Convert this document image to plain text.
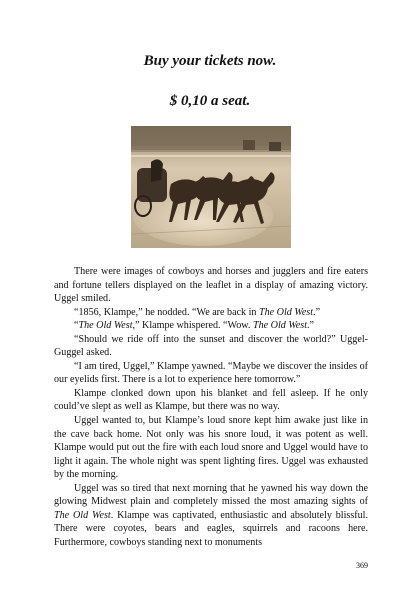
Buy your tickets now.
$ 0,10 a seat.

There were images of cowboys and horses and jugglers and fire eaters and fortune tellers displayed on the leaflet in a display of amazing victory. Uggel smiled.

“1856, Klampe,” he nodded. “We are back in The Old West.”

“The Old West,” Klampe whispered. “Wow. The Old West.”

“Should we ride off into the sunset and discover the world?” Uggel-Guggel asked.

“I am tired, Uggel,” Klampe yawned. “Maybe we discover the insides of our eyelids first. There is a lot to experience here tomorrow.”

Klampe clonked down upon his blanket and fell asleep. If he only could’ve slept as well as Klampe, but there was no way.

Uggel wanted to, but Klampe’s loud snore kept him awake just like in the cave back home. Not only was his snore loud, it was potent as well. Klampe would put out the fire with each loud snore and Uggel would have to light it again. The whole night was spent lighting fires. Uggel was exhausted by the morning.

Uggel was so tired that next morning that he yawned his way down the glowing Midwest plain and completely missed the most amazing sights of The Old West. Klampe was captivated, enthusiastic and absolutely blissful. There were coyotes, bears and eagles, squirrels and racoons here. Furthermore, cowboys standing next to monuments

369
